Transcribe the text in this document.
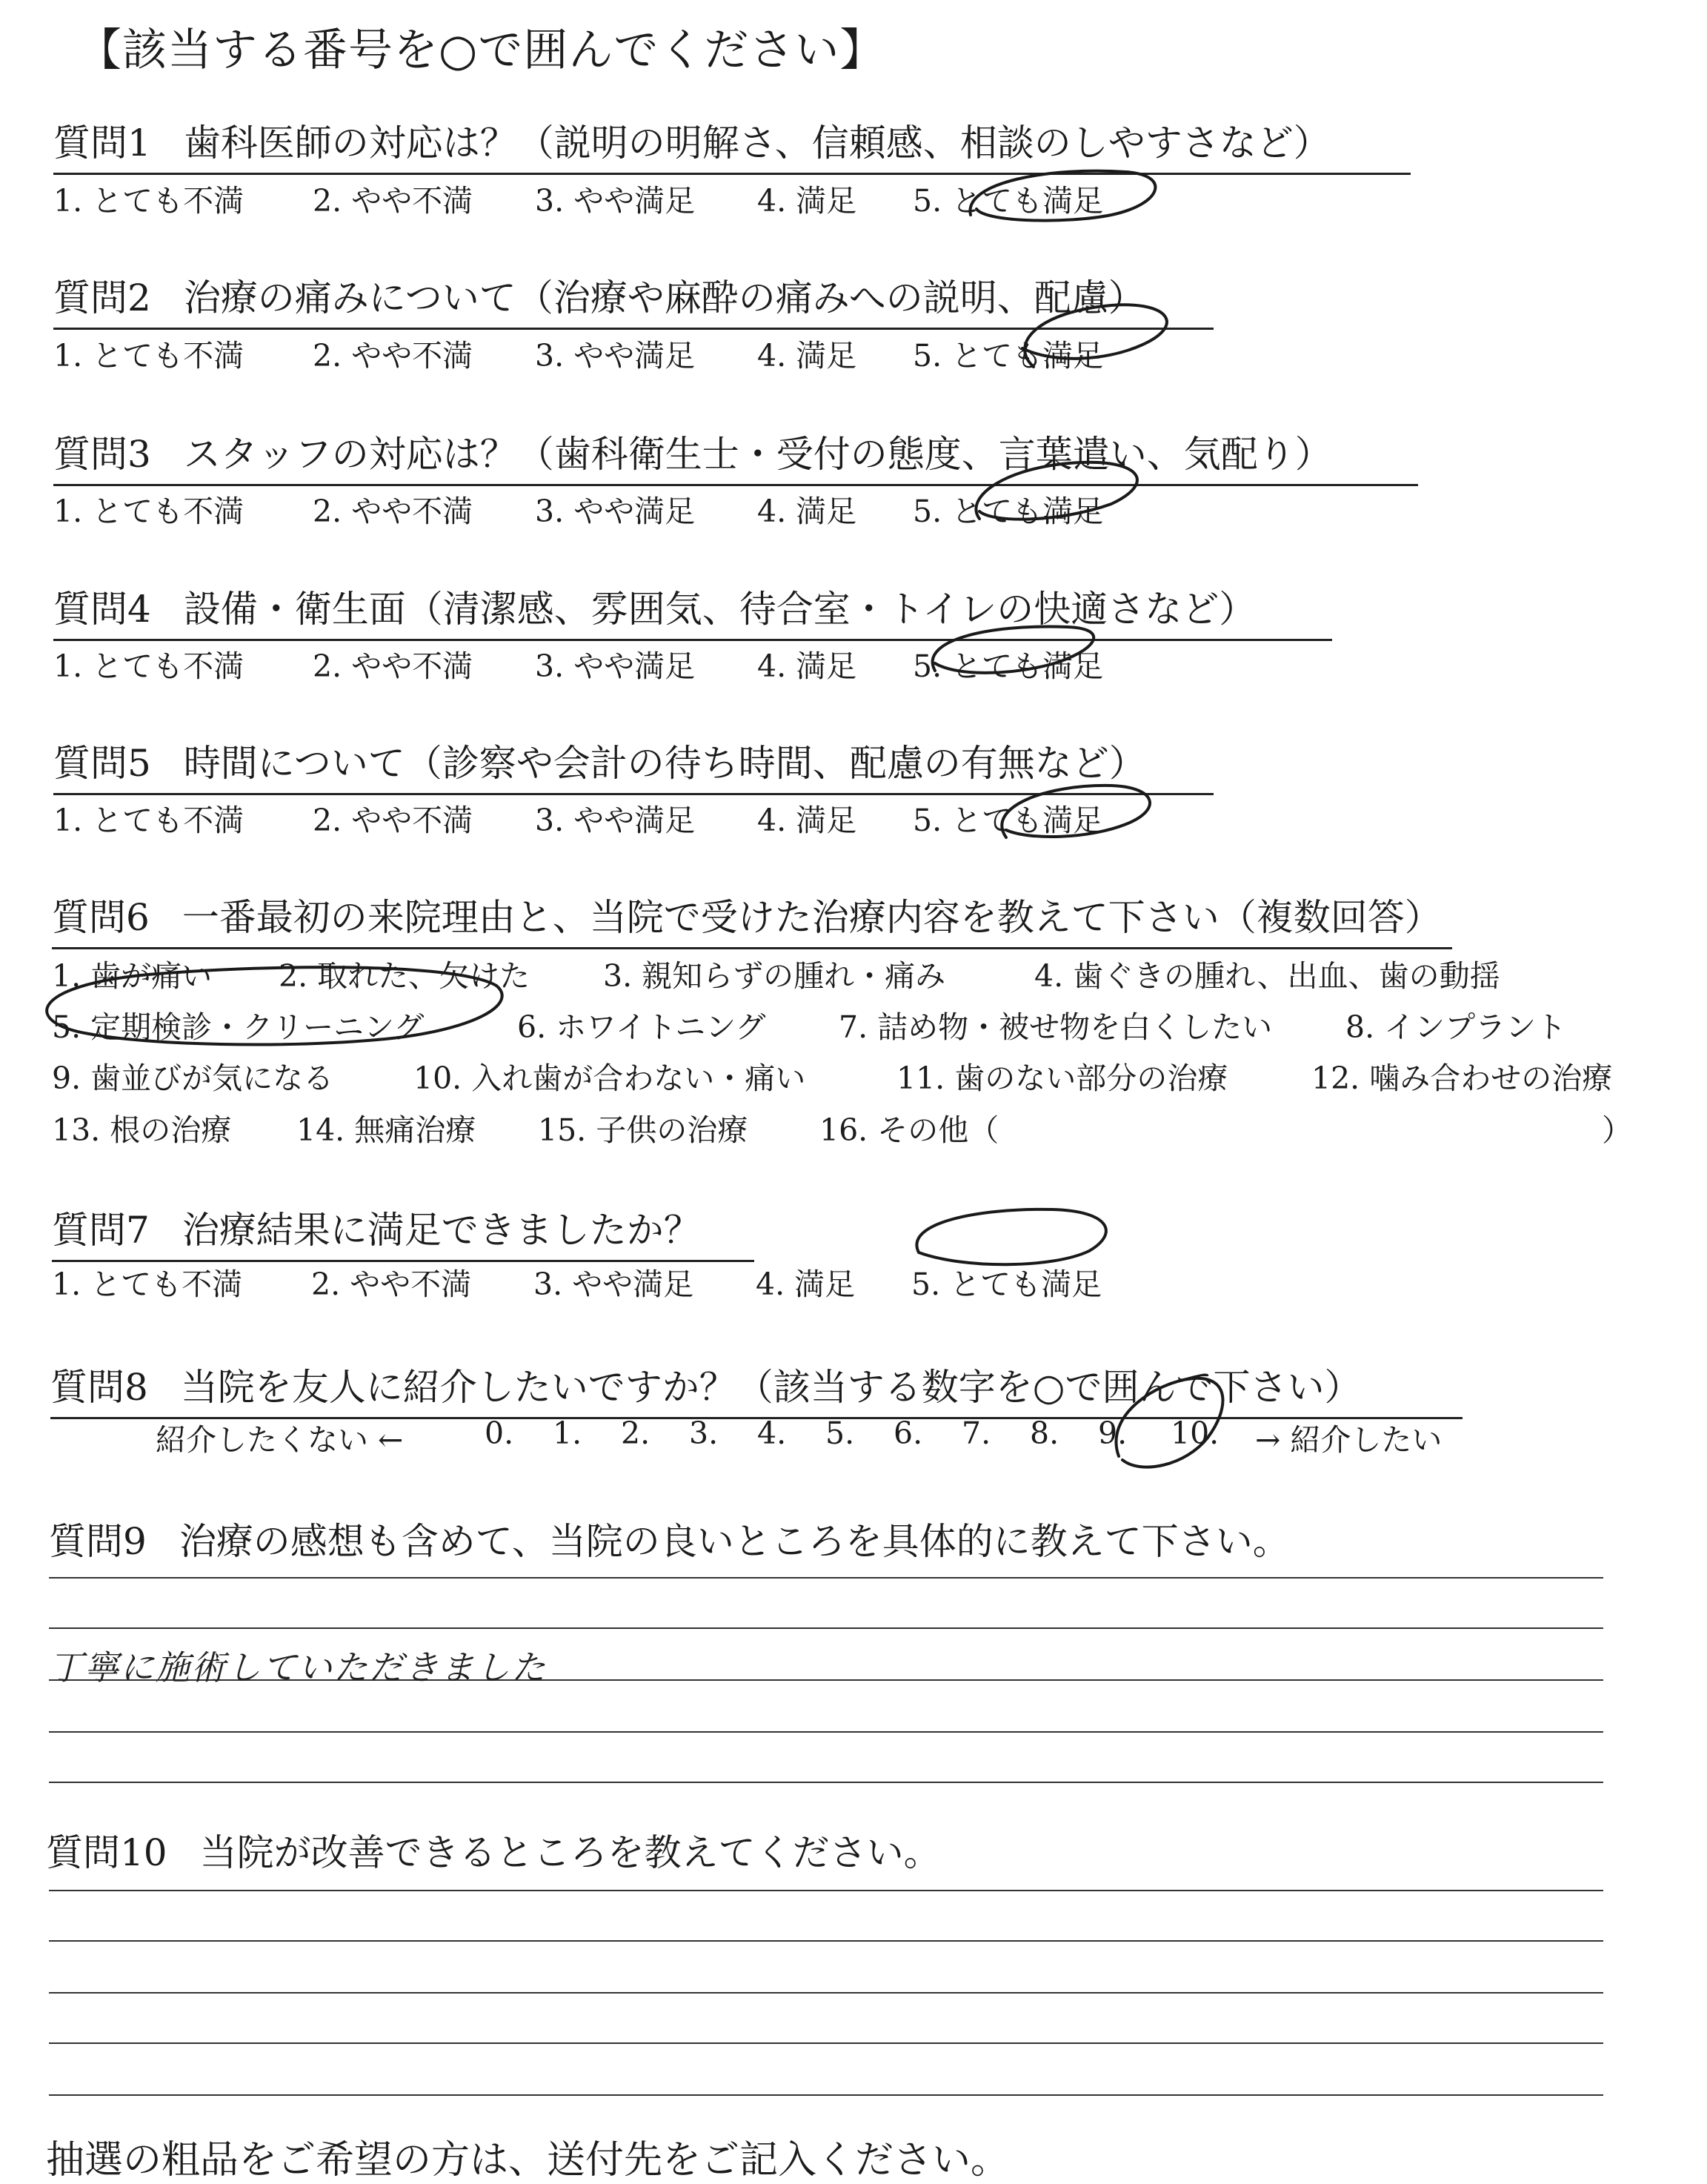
【該当する番号を○で囲んでください】
質問1 歯科医師の対応は？（説明の明解さ、信頼感、相談のしやすさなど）
1. とても不満 2. やや不満 3. やや満足 4. 満足 5. とても満足
質問2 治療の痛みについて（治療や麻酔の痛みへの説明、配慮）
1. とても不満 2. やや不満 3. やや満足 4. 満足 5. とても満足
質問3 スタッフの対応は？（歯科衛生士・受付の態度、言葉遣い、気配り）
1. とても不満 2. やや不満 3. やや満足 4. 満足 5. とても満足
質問4 設備・衛生面（清潔感、雰囲気、待合室・トイレの快適さなど）
1. とても不満 2. やや不満 3. やや満足 4. 満足 5. とても満足
質問5 時間について（診察や会計の待ち時間、配慮の有無など）
1. とても不満 2. やや不満 3. やや満足 4. 満足 5. とても満足
質問6 一番最初の来院理由と、当院で受けた治療内容を教えて下さい（複数回答）
1. 歯が痛い 2. 取れた、欠けた 3. 親知らずの腫れ・痛み	4. 歯ぐきの腫れ、出血、歯の動揺
5. 定期検診・クリーニング	6. ホワイトニング 7. 詰め物・被せ物を白くしたい 8. インプラント
9. 歯並びが気になる	10. 入れ歯が合わない・痛い	11. 歯のない部分の治療	12. 噛み合わせの治療
13. 根の治療 14. 無痛治療 15. 子供の治療 16. その他（	）
質問7 治療結果に満足できましたか？
1. とても不満 2. やや不満 3. やや満足 4. 満足 5. とても満足
質問8 当院を友人に紹介したいですか？（該当する数字を○で囲んで下さい）
紹介したくない ←	0. 1. 2. 3. 4. 5. 6. 7. 8. 9. 10. → 紹介したい
質問9 治療の感想も含めて、当院の良いところを具体的に教えて下さい。
丁寧に施術していただきました
質問10 当院が改善できるところを教えてください。
抽選の粗品をご希望の方は、送付先をご記入ください。
